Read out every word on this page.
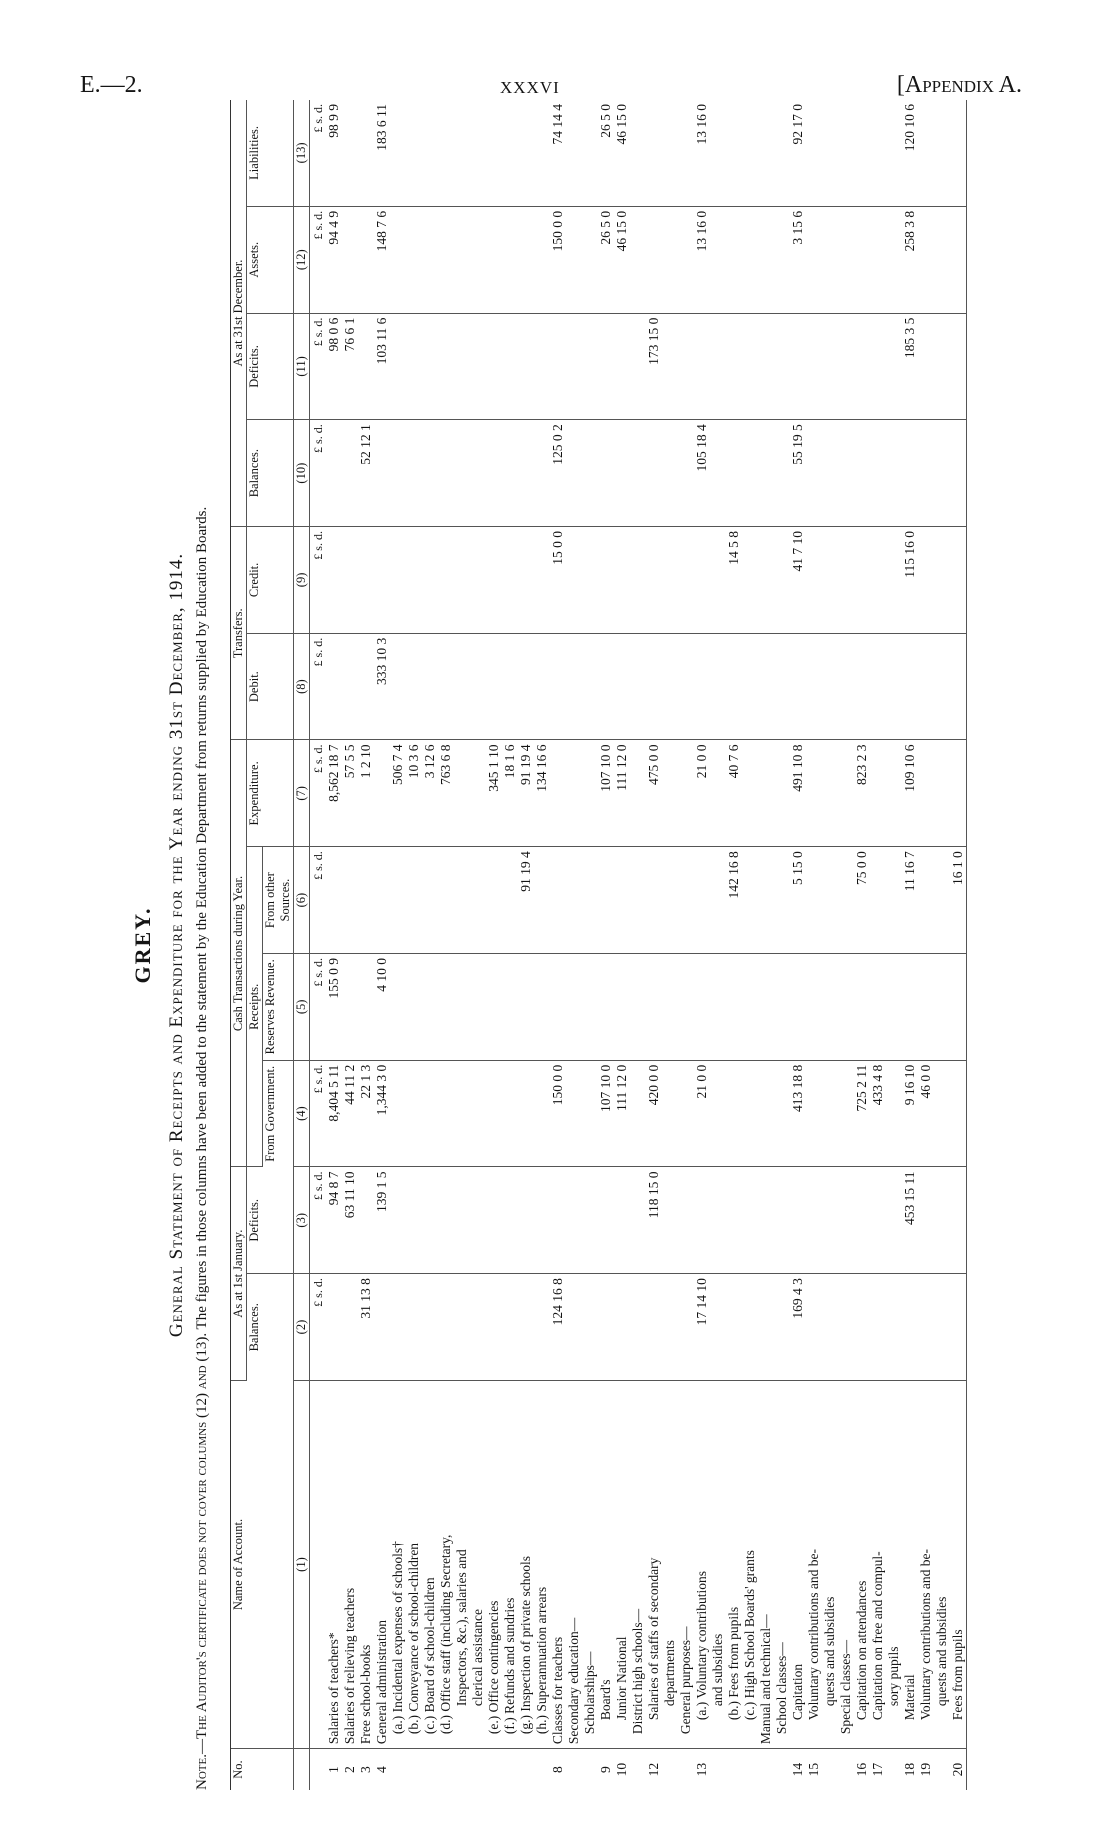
E.—2.	XXXVI	[Appendix A.
GREY. General Statement of Receipts and Expenditure for the Year ending 31st December, 1914.
Note.—The Auditor's certificate does not cover columns (12) and (13). The figures in those columns have been added to the statement by the Education Department from returns supplied by Education Boards.
No.	Name of Account.	As at 1st January.		Cash Transactions during Year.				Transfers.		As at 31st December.			
		Balances.	Deficits.	Receipts.			Expenditure.	Debit.	Credit.	Balances.	Deficits.	Assets.	Liabilities.
				From Government.	Reserves Revenue.	From other Sources.							
	(1)	(2)	(3)	(4)	(5)	(6)	(7)	(8)	(9)	(10)	(11)	(12)	(13)
		£ s. d.	£ s. d.	£ s. d.	£ s. d.	£ s. d.	£ s. d.	£ s. d.	£ s. d.	£ s. d.	£ s. d.	£ s. d.	£ s. d.
1	Salaries of teachers*		94 8 7	8,404 5 11	155 0 9		8,562 18 7				98 0 6	94 4 9	98 9 9
2	Salaries of relieving teachers		63 11 10	44 11 2			57 5 5				76 6 1		
3	Free school-books	31 13 8		22 1 3			1 2 10			52 12 1			
4	General administration		139 1 5	1,344 3 0	4 10 0			333 10 3			103 11 6	148 7 6	183 6 11
	(a.) Incidental expenses of schools†						506 7 4						
	(b.) Conveyance of school-children						10 3 6						
	(c.) Board of school-children						3 12 6						
	(d.) Office staff (including Secretary,						763 6 8						
	Inspectors, &c.), salaries and												
	clerical assistance												
	(e.) Office contingencies						345 1 10						
	(f.) Refunds and sundries						18 1 6						
	(g.) Inspection of private schools					91 19 4	91 19 4						
	(h.) Superannuation arrears						134 16 6						
8	Classes for teachers	124 16 8		150 0 0					15 0 0	125 0 2		150 0 0	74 14 4
	Secondary education—												
	Scholarships—												
9	Board's			107 10 0			107 10 0					26 5 0	26 5 0
10	Junior National			111 12 0			111 12 0					46 15 0	46 15 0
	District high schools—												
12	Salaries of staffs of secondary		118 15 0	420 0 0			475 0 0				173 15 0		
	departments												
	General purposes—												
13	(a.) Voluntary contributions	17 14 10		21 0 0			21 0 0			105 18 4		13 16 0	13 16 0
	and subsidies												
	(b.) Fees from pupils					142 16 8	40 7 6		14 5 8				
	(c.) High School Boards' grants												
	Manual and technical—												
	School classes—												
14	Capitation	169 4 3		413 18 8		5 15 0	491 10 8		41 7 10	55 19 5		3 15 6	92 17 0
15	Voluntary contributions and be-												
	quests and subsidies												
	Special classes—												
16	Capitation on attendances			725 2 11		75 0 0	823 2 3						
17	Capitation on free and compul-			433 4 8									
	sory pupils												
18	Material		453 15 11	9 16 10		11 16 7	109 10 6		115 16 0		185 3 5	258 3 8	120 10 6
19	Voluntary contributions and be-			46 0 0									
	quests and subsidies												
20	Fees from pupils					16 1 0							
